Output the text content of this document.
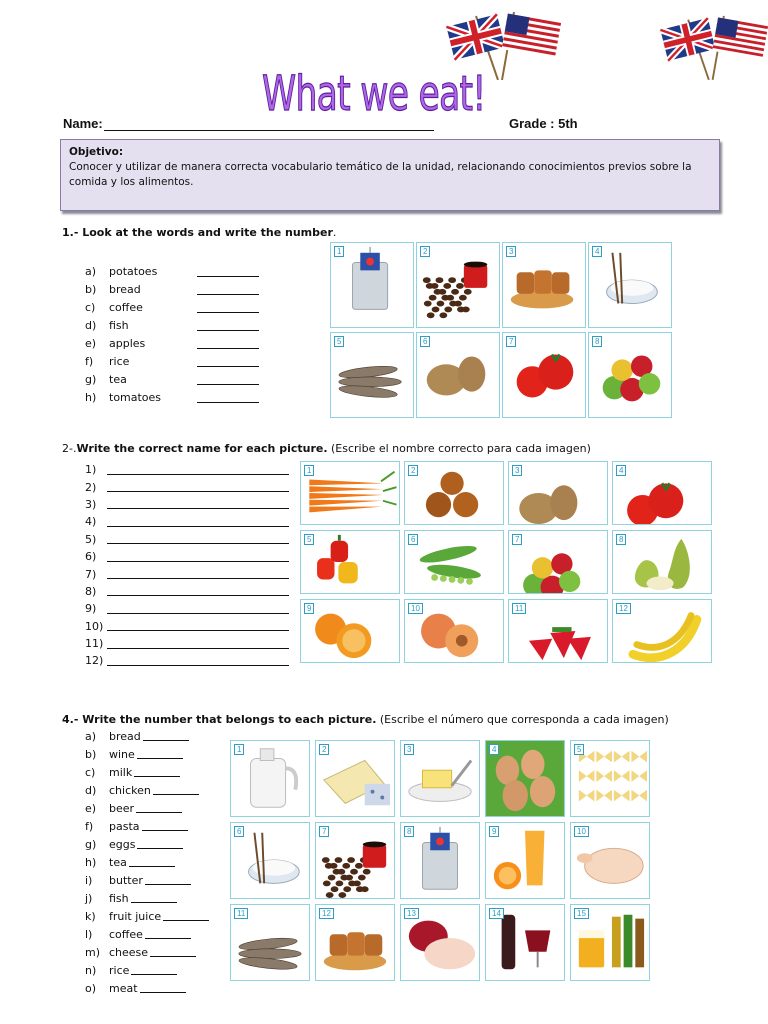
What we eat!
Name:	Grade : 5th
Objetivo:
Conocer y utilizar de manera correcta vocabulario temático de la unidad, relacionando conocimientos previos sobre la comida y los alimentos.
1.- Look at the words and write the number.
a)	potatoes
b)	bread
c)	coffee
d)	fish
e)	apples
f)	rice
g)	tea
h)	tomatoes
1	2	3	4
5	6	7	8
2-.Write the correct name for each picture. (Escribe el nombre correcto para cada imagen)
1)
2)
3)
4)
5)
6)
7)
8)
9)
10)
11)
12)
1	2	3	4
5	6	7	8
9	10	11	12
4.- Write the number that belongs to each picture. (Escribe el número que corresponda a cada imagen)
a)	bread
b)	wine
c)	milk
d)	chicken
e)	beer
f)	pasta
g)	eggs
h)	tea
i)	butter
j)	fish
k)	fruit juice
l)	coffee
m) cheese
n)	rice
o)	meat
1	2	3	4	5
6	7	8	9	10
11	12	13	14	15
